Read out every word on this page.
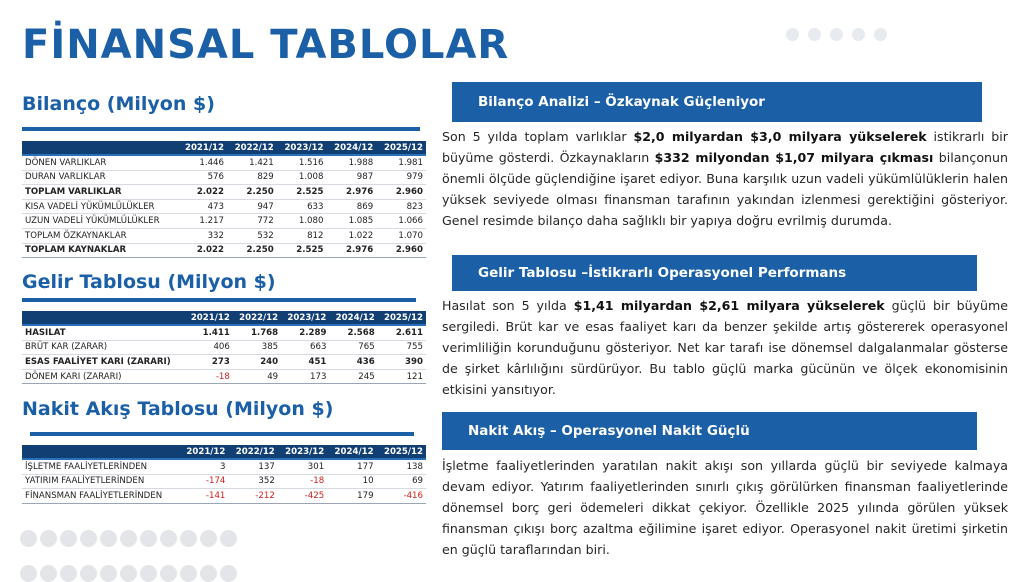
FİNANSAL TABLOLAR
Bilanço (Milyon $)
	2021/12	2022/12	2023/12	2024/12	2025/12
DÖNEN VARLIKLAR	1.446	1.421	1.516	1.988	1.981
DURAN VARLIKLAR	576	829	1.008	987	979
TOPLAM VARLIKLAR	2.022	2.250	2.525	2.976	2.960
KISA VADELİ YÜKÜMLÜLÜKLER	473	947	633	869	823
UZUN VADELİ YÜKÜMLÜLÜKLER	1.217	772	1.080	1.085	1.066
TOPLAM ÖZKAYNAKLAR	332	532	812	1.022	1.070
TOPLAM KAYNAKLAR	2.022	2.250	2.525	2.976	2.960
Gelir Tablosu (Milyon $)
	2021/12	2022/12	2023/12	2024/12	2025/12
HASILAT	1.411	1.768	2.289	2.568	2.611
BRÜT KAR (ZARAR)	406	385	663	765	755
ESAS FAALİYET KARI (ZARARI)	273	240	451	436	390
DÖNEM KARI (ZARARI)	-18	49	173	245	121
Nakit Akış Tablosu (Milyon $)
	2021/12	2022/12	2023/12	2024/12	2025/12
İŞLETME FAALİYETLERİNDEN	3	137	301	177	138
YATIRIM FAALİYETLERİNDEN	-174	352	-18	10	69
FİNANSMAN FAALİYETLERİNDEN	-141	-212	-425	179	-416
Bilanço Analizi – Özkaynak Güçleniyor
Son 5 yılda toplam varlıklar $2,0 milyardan $3,0 milyara yükselerek istikrarlı bir büyüme gösterdi. Özkaynakların $332 milyondan $1,07 milyara çıkması bilançonun önemli ölçüde güçlendiğine işaret ediyor. Buna karşılık uzun vadeli yükümlülüklerin halen yüksek seviyede olması finansman tarafının yakından izlenmesi gerektiğini gösteriyor. Genel resimde bilanço daha sağlıklı bir yapıya doğru evrilmiş durumda.
Gelir Tablosu –İstikrarlı Operasyonel Performans
Hasılat son 5 yılda $1,41 milyardan $2,61 milyara yükselerek güçlü bir büyüme sergiledi. Brüt kar ve esas faaliyet karı da benzer şekilde artış göstererek operasyonel verimliliğin korunduğunu gösteriyor. Net kar tarafı ise dönemsel dalgalanmalar gösterse de şirket kârlılığını sürdürüyor. Bu tablo güçlü marka gücünün ve ölçek ekonomisinin etkisini yansıtıyor.
Nakit Akış – Operasyonel Nakit Güçlü
İşletme faaliyetlerinden yaratılan nakit akışı son yıllarda güçlü bir seviyede kalmaya devam ediyor. Yatırım faaliyetlerinden sınırlı çıkış görülürken finansman faaliyetlerinde dönemsel borç geri ödemeleri dikkat çekiyor. Özellikle 2025 yılında görülen yüksek finansman çıkışı borç azaltma eğilimine işaret ediyor. Operasyonel nakit üretimi şirketin en güçlü taraflarından biri.
